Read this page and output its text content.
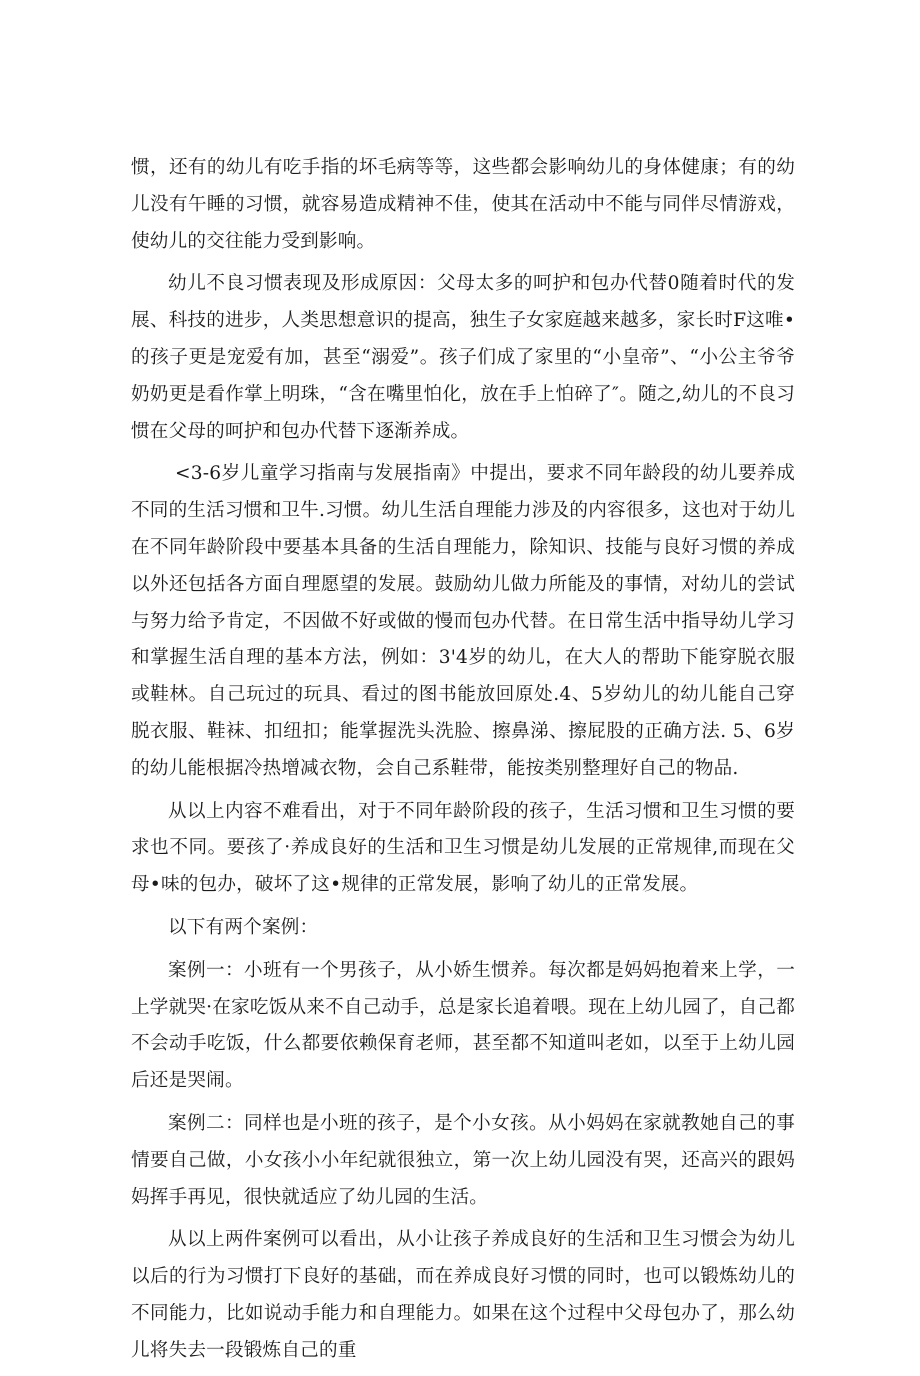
惯，还有的幼儿有吃手指的坏毛病等等，这些都会影响幼儿的身体健康；有的幼儿没有午睡的习惯，就容易造成精神不佳，使其在活动中不能与同伴尽情游戏，使幼儿的交往能力受到影响。

幼儿不良习惯表现及形成原因：父母太多的呵护和包办代替0随着时代的发展、科技的进步，人类思想意识的提高，独生子女家庭越来越多，家长时F这唯•的孩子更是宠爱有加，甚至“溺爱”。孩子们成了家里的“小皇帝”、“小公主爷爷奶奶更是看作掌上明珠，“含在嘴里怕化，放在手上怕碎了″。随之,幼儿的不良习惯在父母的呵护和包办代替下逐渐养成。

<3-6岁儿童学习指南与发展指南》中提出，要求不同年龄段的幼儿要养成不同的生活习惯和卫牛.习惯。幼儿生活自理能力涉及的内容很多，这也对于幼儿在不同年龄阶段中要基本具备的生活自理能力，除知识、技能与良好习惯的养成以外还包括各方面自理愿望的发展。鼓励幼儿做力所能及的事情，对幼儿的尝试与努力给予肯定，不因做不好或做的慢而包办代替。在日常生活中指导幼儿学习和掌握生活自理的基本方法，例如：3'4岁的幼儿，在大人的帮助下能穿脱衣服或鞋林。自己玩过的玩具、看过的图书能放回原处.4、5岁幼儿的幼儿能自己穿脱衣服、鞋袜、扣纽扣；能掌握洗头洗脸、擦鼻涕、擦屁股的正确方法. 5、6岁的幼儿能根据冷热增减衣物，会自己系鞋带，能按类别整理好自己的物品.

从以上内容不难看出，对于不同年龄阶段的孩子，生活习惯和卫生习惯的要求也不同。要孩了·养成良好的生活和卫生习惯是幼儿发展的正常规律,而现在父母•味的包办，破坏了这•规律的正常发展，影响了幼儿的正常发展。

以下有两个案例：

案例一：小班有一个男孩子，从小娇生惯养。每次都是妈妈抱着来上学，一上学就哭·在家吃饭从来不自己动手，总是家长追着喂。现在上幼儿园了，自己都不会动手吃饭，什么都要依赖保育老师，甚至都不知道叫老如，以至于上幼儿园后还是哭闹。

案例二：同样也是小班的孩子，是个小女孩。从小妈妈在家就教她自己的事情要自己做，小女孩小小年纪就很独立，第一次上幼儿园没有哭，还高兴的跟妈妈挥手再见，很快就适应了幼儿园的生活。

从以上两件案例可以看出，从小让孩子养成良好的生活和卫生习惯会为幼儿以后的行为习惯打下良好的基础，而在养成良好习惯的同时，也可以锻炼幼儿的不同能力，比如说动手能力和自理能力。如果在这个过程中父母包办了，那么幼儿将失去一段锻炼自己的重
